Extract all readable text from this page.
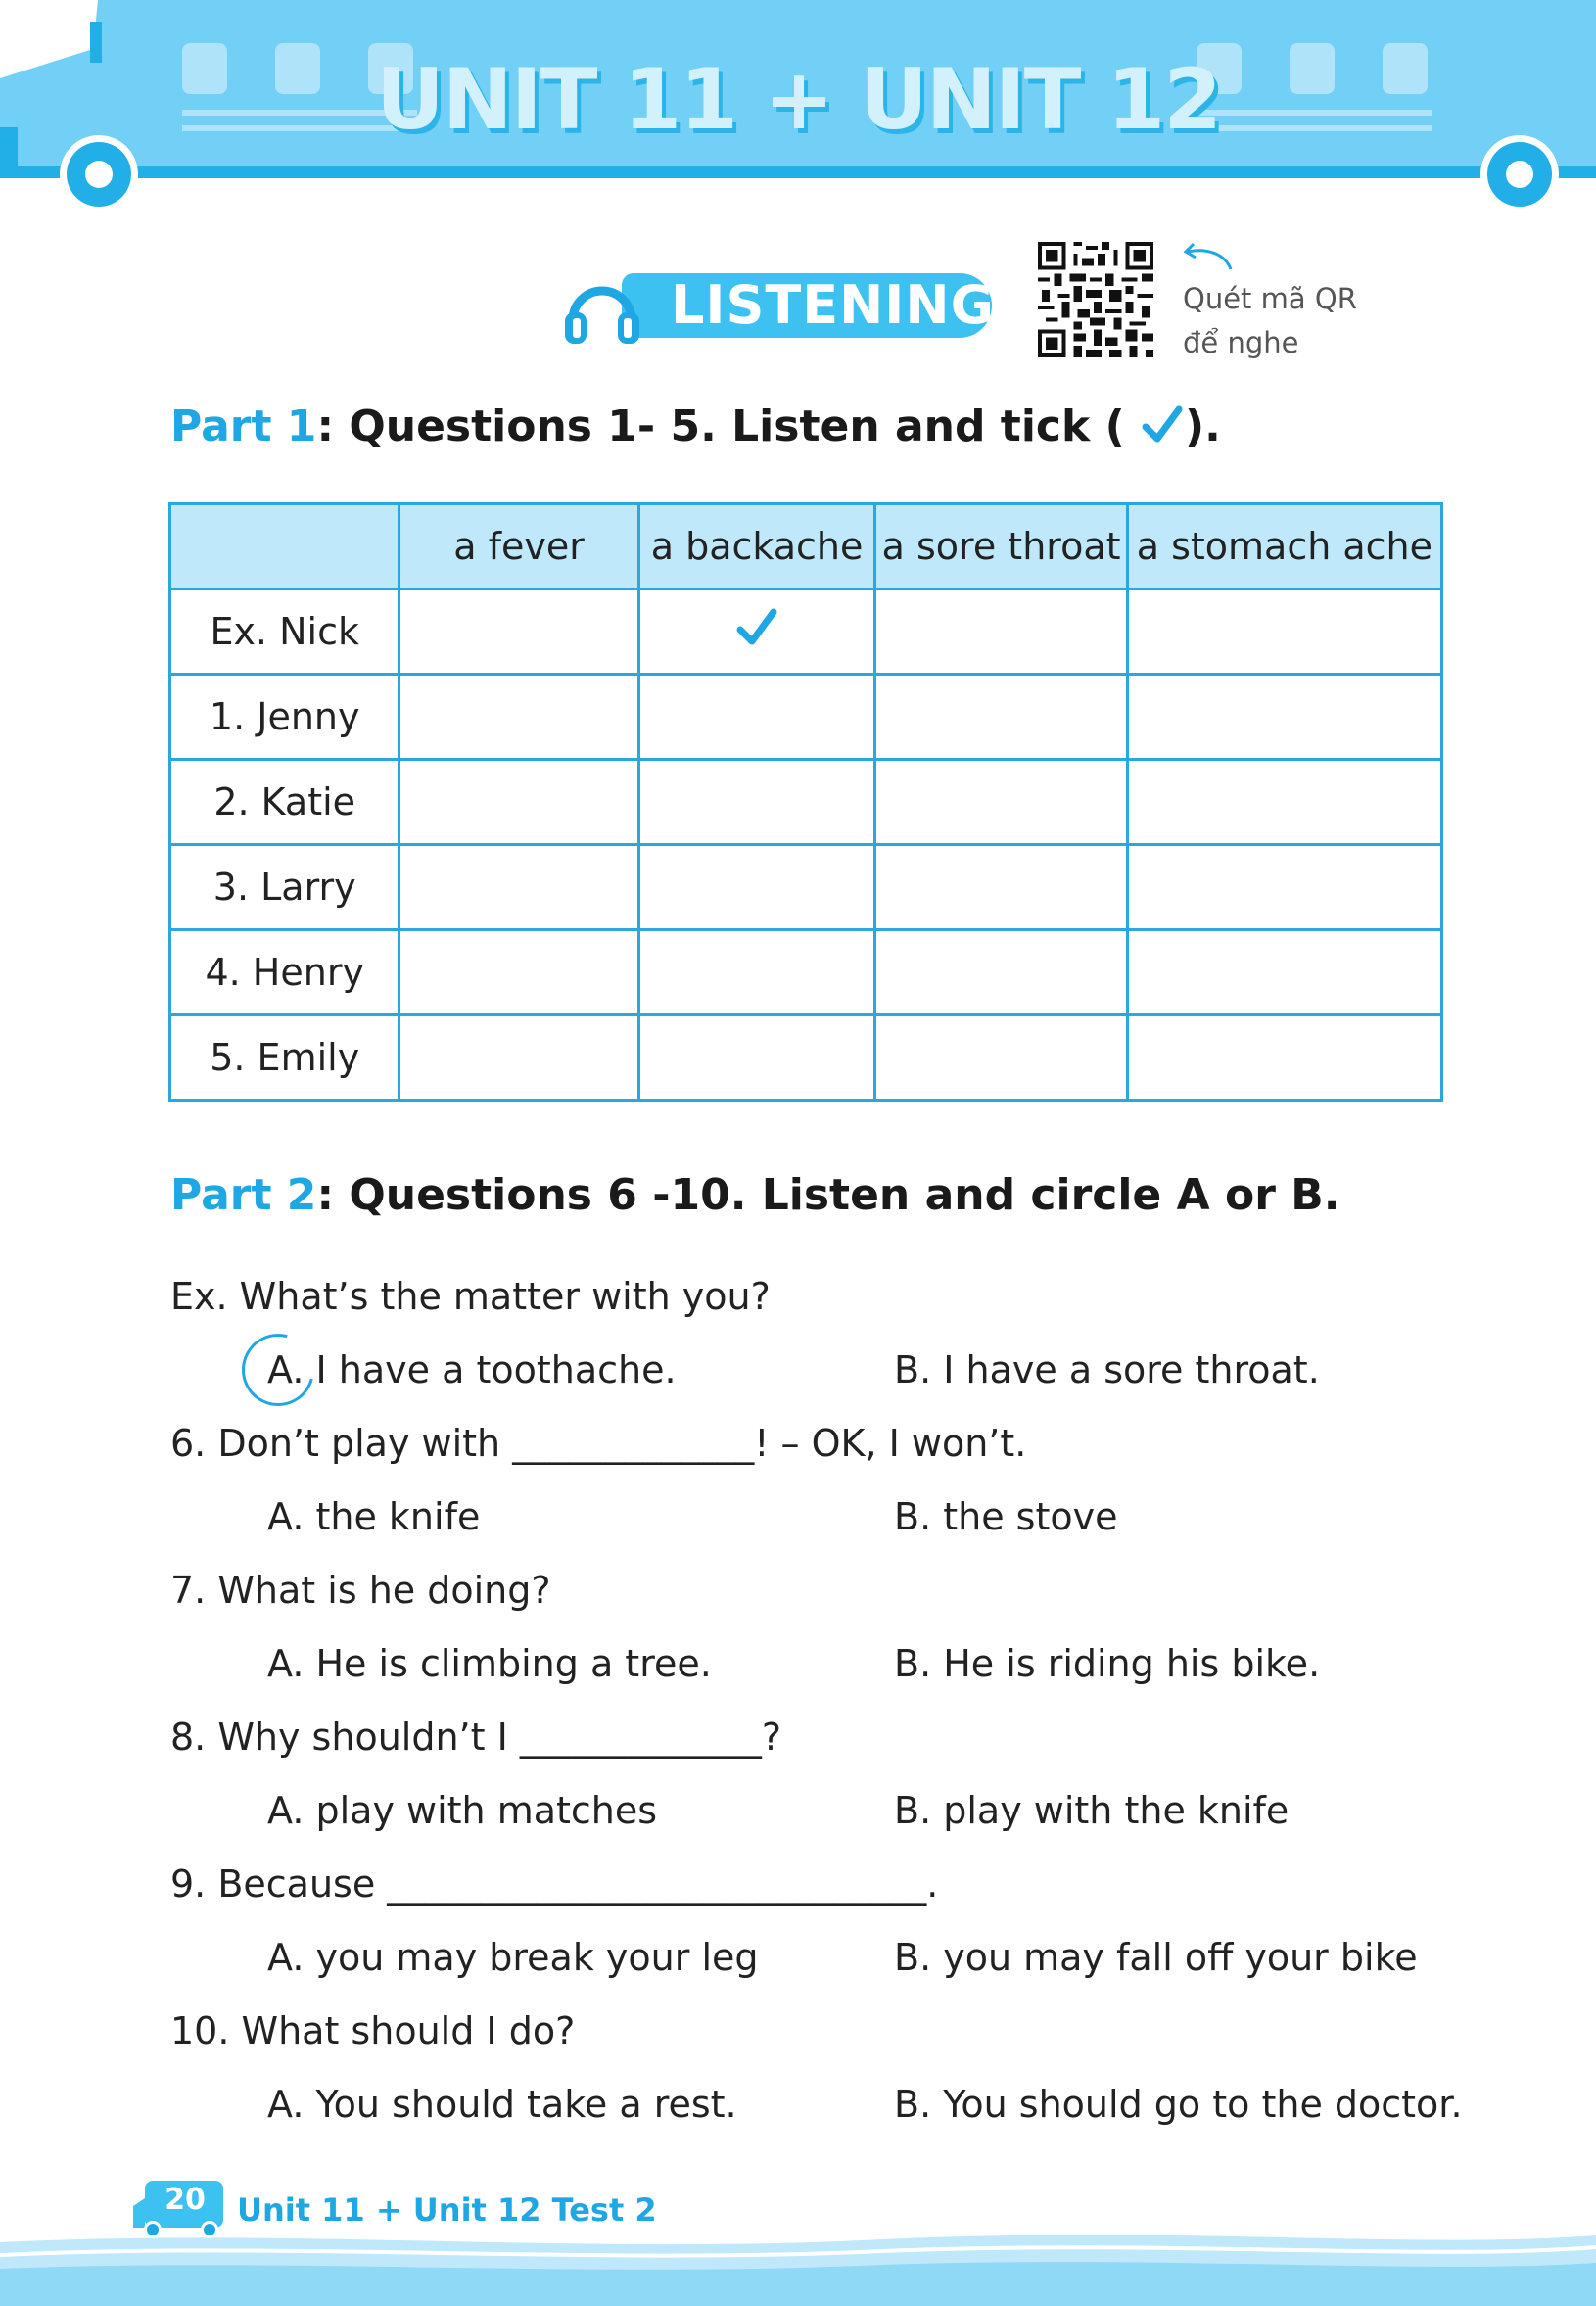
UNIT 11 + UNIT 12
LISTENING	Quét mã QR
để nghe
Part 1: Questions 1- 5. Listen and tick ( ).
	a fever	a backache	a sore throat	a stomach ache
Ex. Nick				
1. Jenny				
2. Katie				
3. Larry				
4. Henry				
5. Emily				
Part 2: Questions 6 -10. Listen and circle A or B.
Ex. What’s the matter with you?
A. I have a toothache.	B. I have a sore throat.
6. Don’t play with _____________! – OK, I won’t.
A. the knife	B. the stove
7. What is he doing?
A. He is climbing a tree.	B. He is riding his bike.
8. Why shouldn’t I _____________?
A. play with matches	B. play with the knife
9. Because _____________________________.
A. you may break your leg	B. you may fall off your bike
10. What should I do?
A. You should take a rest.	B. You should go to the doctor.
20 Unit 11 + Unit 12 Test 2
